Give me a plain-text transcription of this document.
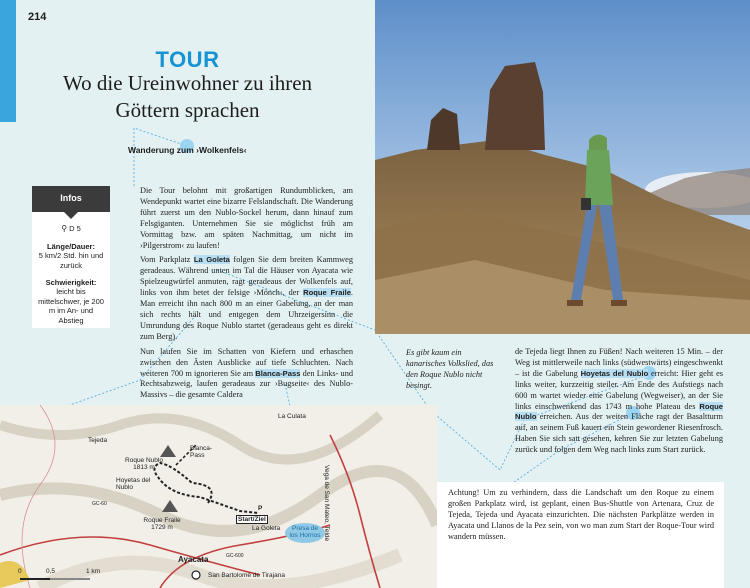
214
TOUR
Wo die Ureinwohner zu ihren
Göttern sprachen
Wanderung zum ›Wolkenfels‹
Infos
⚲ D 5
Länge/Dauer:
5 km/2 Std. hin und zurück
Schwierigkeit:
leicht bis mittelschwer, je 200 m im An- und Abstieg

Die Tour belohnt mit großartigen Rundumblicken, am Wendepunkt wartet eine bizarre Felslandschaft. Die Wanderung führt zuerst um den Nublo-Sockel herum, dann hinauf zum Felsgiganten. Unternehmen Sie sie möglichst früh am Vormittag bzw. am späten Nachmittag, um nicht im ›Pilgerstrom‹ zu laufen!

Vom Parkplatz La Goleta folgen Sie dem breiten Kammweg geradeaus. Während unten im Tal die Häuser von Ayacata wie Spielzeugwürfel anmuten, ragt geradeaus der Wolkenfels auf, links von ihm betet der felsige ›Mönch‹, der Roque Fraile. Man erreicht ihn nach 800 m an einer Gabelung, an der man sich rechts hält und entgegen dem Uhrzeigersinn die Umrundung des Roque Nublo startet (geradeaus geht es direkt zum Berg).

Nun laufen Sie im Schatten von Kiefern und erhaschen zwischen den Ästen Ausblicke auf tiefe Schluchten. Nach weiteren 700 m ignorieren Sie am Blanca-Pass den Links- und Rechtsabzweig, laufen geradeaus zur ›Bugseite‹ des Nublo-Massivs – die gesamte Caldera

Es gibt kaum ein kanarisches Volkslied, das den Roque Nublo nicht besingt.

de Tejeda liegt Ihnen zu Füßen! Nach weiteren 15 Min. – der Weg ist mittlerweile nach links (südwestwärts) eingeschwenkt – ist die Gabelung Hoyetas del Nublo erreicht: Hier geht es links weiter, kurzzeitig steiler. Am Ende des Aufstiegs nach 600 m wartet wieder eine Gabelung (Wegweiser), an der Sie links einschwenkend das 1743 m hohe Plateau des Roque Nublo erreichen. Aus der weiten Fläche ragt der Basaltturm auf, an seinem Fuß kauert ein Stein gewordener Riesenfrosch. Haben Sie sich satt gesehen, kehren Sie zur letzten Gabelung zurück und folgen dem Weg nach links zum Start zurück.

Achtung! Um zu verhindern, dass die Landschaft um den Roque zu einem großen Parkplatz wird, ist geplant, einen Bus-Shuttle von Artenara, Cruz de Tejeda, Tejeda und Ayacata einzurichten. Die nächsten Parkplätze werden in Ayacata und Llanos de la Pez sein, von wo man zum Start der Roque-Tour wird wandern müssen.
Tejeda
Roque Nublo
1813 m
Blanca-Pass
Hoyetas del Nublo
La Culata
Vega de San Mateo, Telde
P
Start/Ziel
La Goleta
Roque Fraile
1729 m	Presa de los Hornos
Ayacata
San Bartolomé de Tirajana
GC-60
GC-600
0	0,5	1 km
